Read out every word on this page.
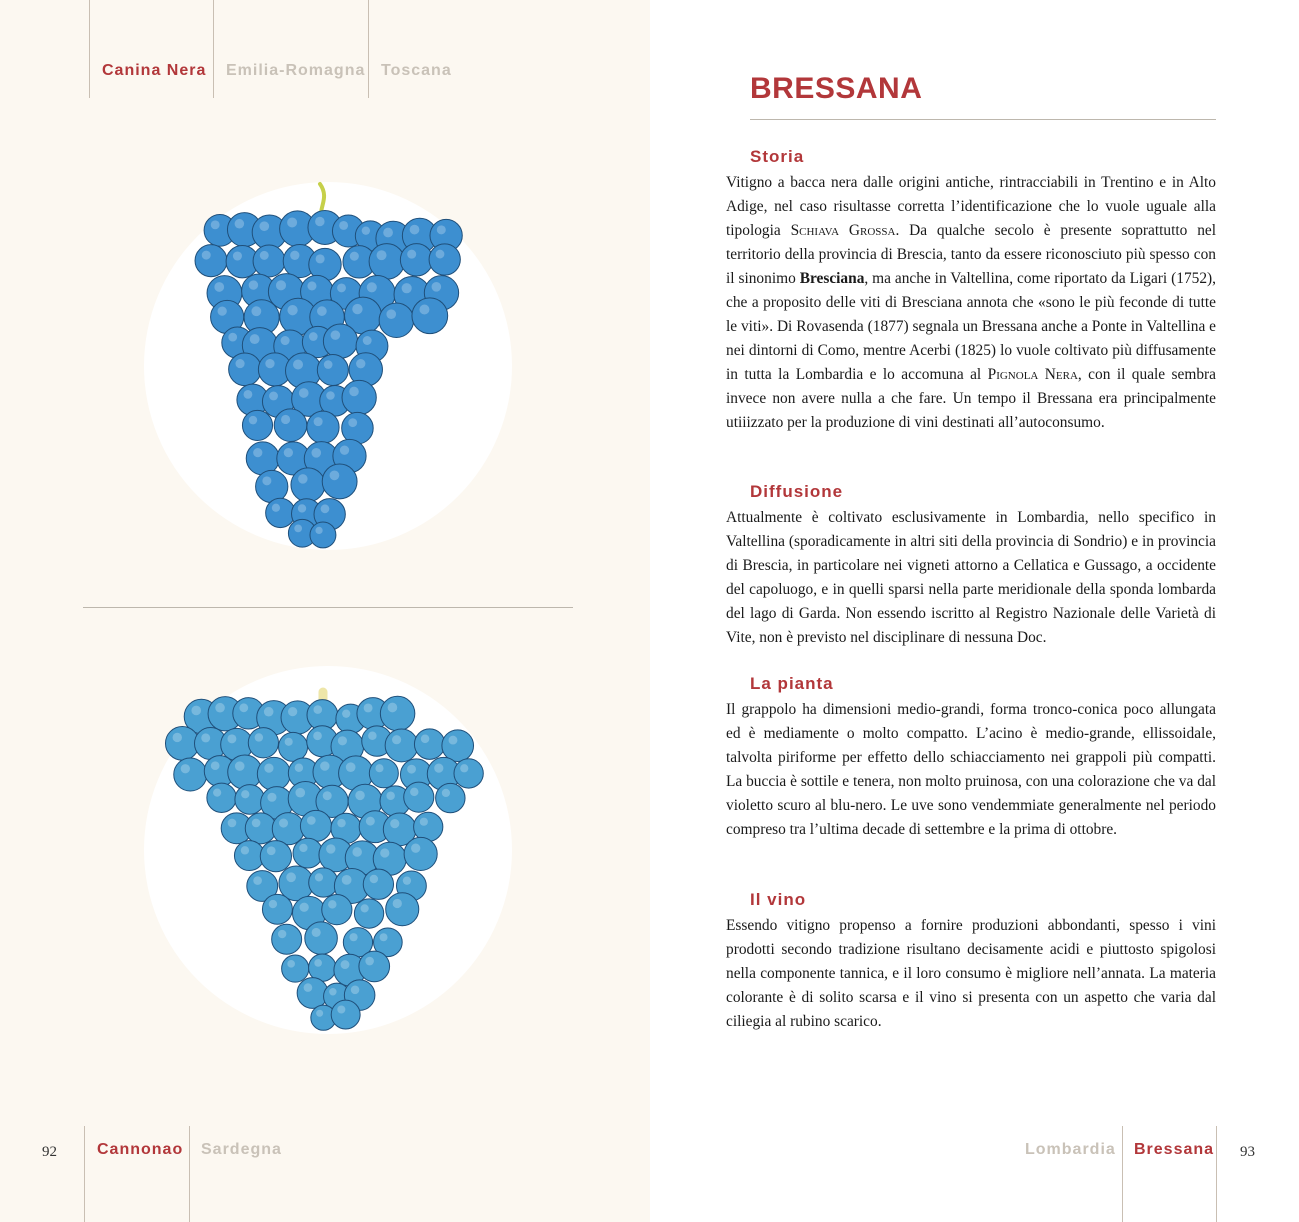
Canina Nera Emilia-Romagna Toscana
92	Cannonao Sardegna
BRESSANA
Storia

Vitigno a bacca nera dalle origini antiche, rintracciabili in Trentino e in Alto Adige, nel caso risultasse corretta l’identificazione che lo vuole uguale alla tipologia Schiava Grossa. Da qualche secolo è presente soprattutto nel territorio della provincia di Brescia, tanto da essere riconosciuto più spesso con il sinonimo Bresciana, ma anche in Valtellina, come riportato da Ligari (1752), che a proposito delle viti di Bresciana annota che «sono le più feconde di tutte le viti». Di Rovasenda (1877) segnala un Bressana anche a Ponte in Valtellina e nei dintorni di Como, mentre Acerbi (1825) lo vuole coltivato più diffusamente in tutta la Lombardia e lo accomuna al Pignola Nera, con il quale sembra invece non avere nulla a che fare. Un tempo il Bressana era principalmente utiiizzato per la produzione di vini destinati all’autoconsumo.

Diffusione

Attualmente è coltivato esclusivamente in Lombardia, nello specifico in Valtellina (sporadicamente in altri siti della provincia di Sondrio) e in provincia di Brescia, in particolare nei vigneti attorno a Cellatica e Gussago, a occidente del capoluogo, e in quelli sparsi nella parte meridionale della sponda lombarda del lago di Garda. Non essendo iscritto al Registro Nazionale delle Varietà di Vite, non è previsto nel disciplinare di nessuna Doc.

La pianta

Il grappolo ha dimensioni medio-grandi, forma tronco-conica poco allungata ed è mediamente o molto compatto. L’acino è medio-grande, ellissoidale, talvolta piriforme per effetto dello schiacciamento nei grappoli più compatti. La buccia è sottile e tenera, non molto pruinosa, con una colorazione che va dal violetto scuro al blu-nero. Le uve sono vendemmiate generalmente nel periodo compreso tra l’ultima decade di settembre e la prima di ottobre.

Il vino

Essendo vitigno propenso a fornire produzioni abbondanti, spesso i vini prodotti secondo tradizione risultano decisamente acidi e piuttosto spigolosi nella componente tannica, e il loro consumo è migliore nell’annata. La materia colorante è di solito scarsa e il vino si presenta con un aspetto che varia dal ciliegia al rubino scarico.

Lombardia Bressana 93
